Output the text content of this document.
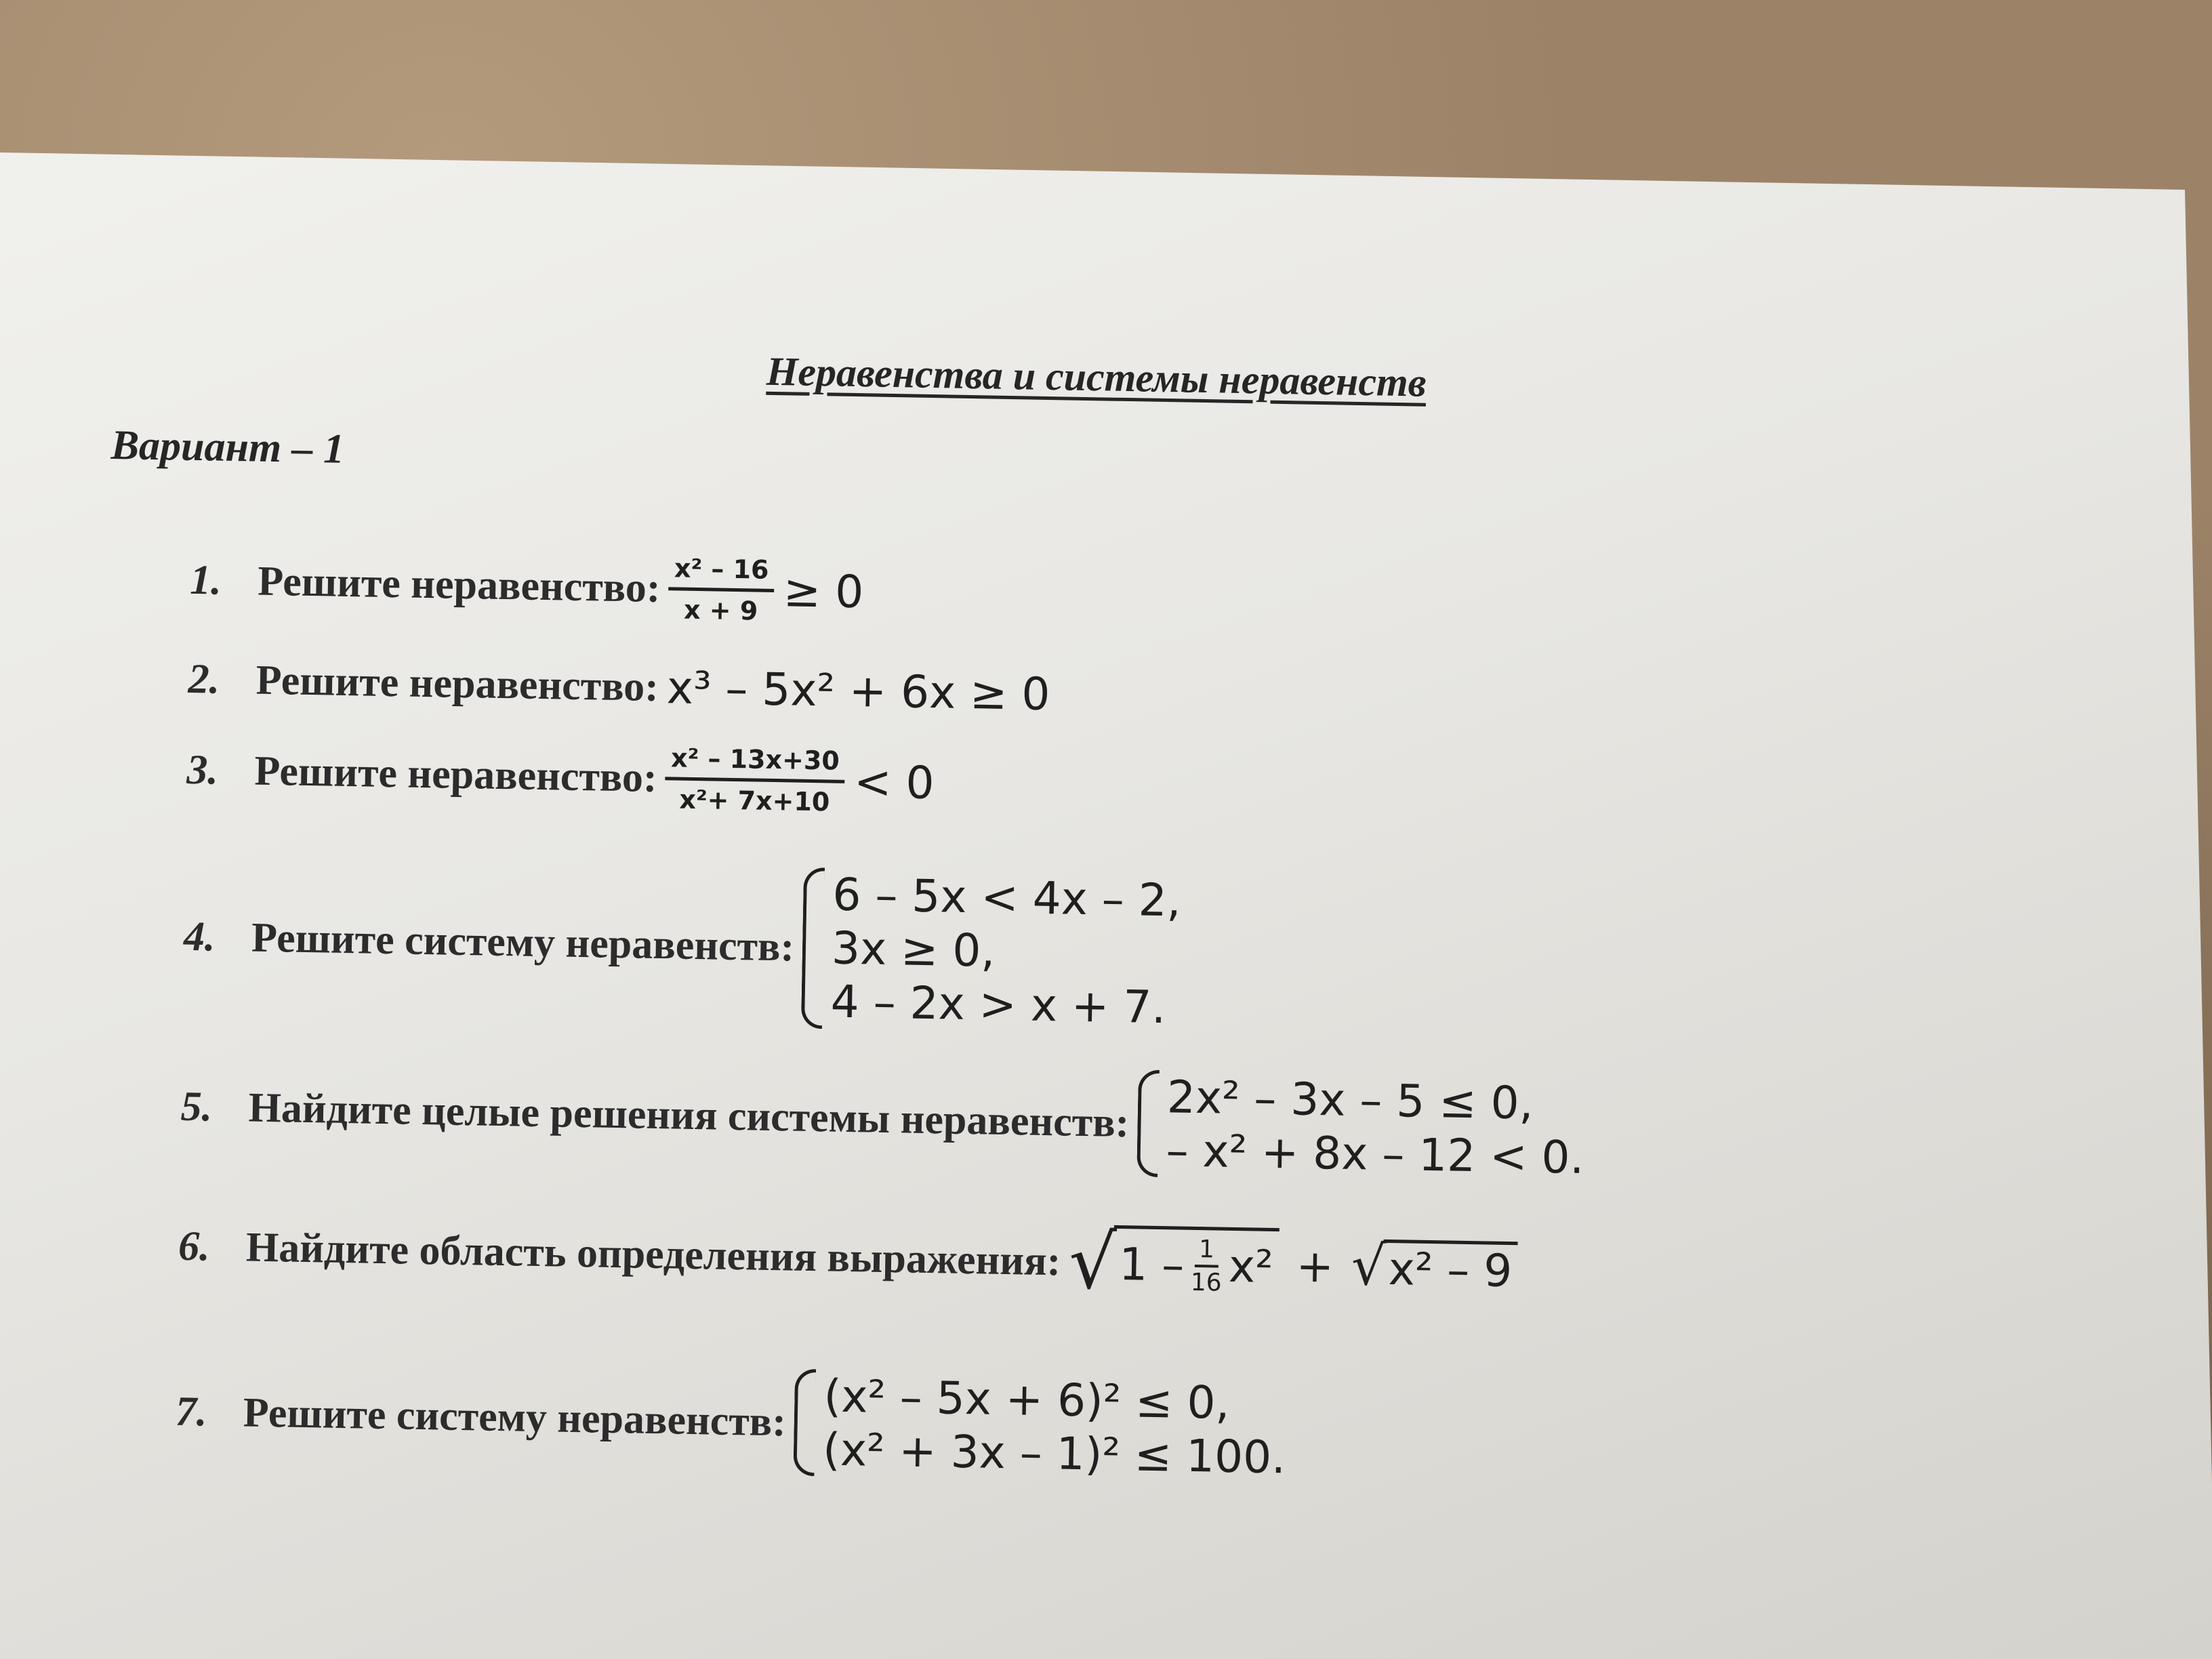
Неравенства и системы неравенств
Вариант – 1
1. Решите неравенство: $\frac{\text{x² – 16}}{x + 9} \ge 0$
2. Решите неравенство: x³ – 5x² + 6x ≥ 0
3. Решите неравенство: $\frac{\text{x² – 13x+30}}{\text{x²+ 7x+10}} < 0$
4. Решите систему неравенств:
6 – 5x < 4x – 2,
3x ≥ 0,
4 – 2x > x + 7.
5. Найдите целые решения системы неравенств: 2x² – 3x – 5 ≤ 0,
– x² + 8x – 12 < 0.
6. Найдите область определения выражения: √ $1 - \frac{1}{16} x^2$ + √ x² – 9
7. Решите систему неравенств: (x² – 5x + 6)² ≤ 0,
(x² + 3x – 1)² ≤ 100.
